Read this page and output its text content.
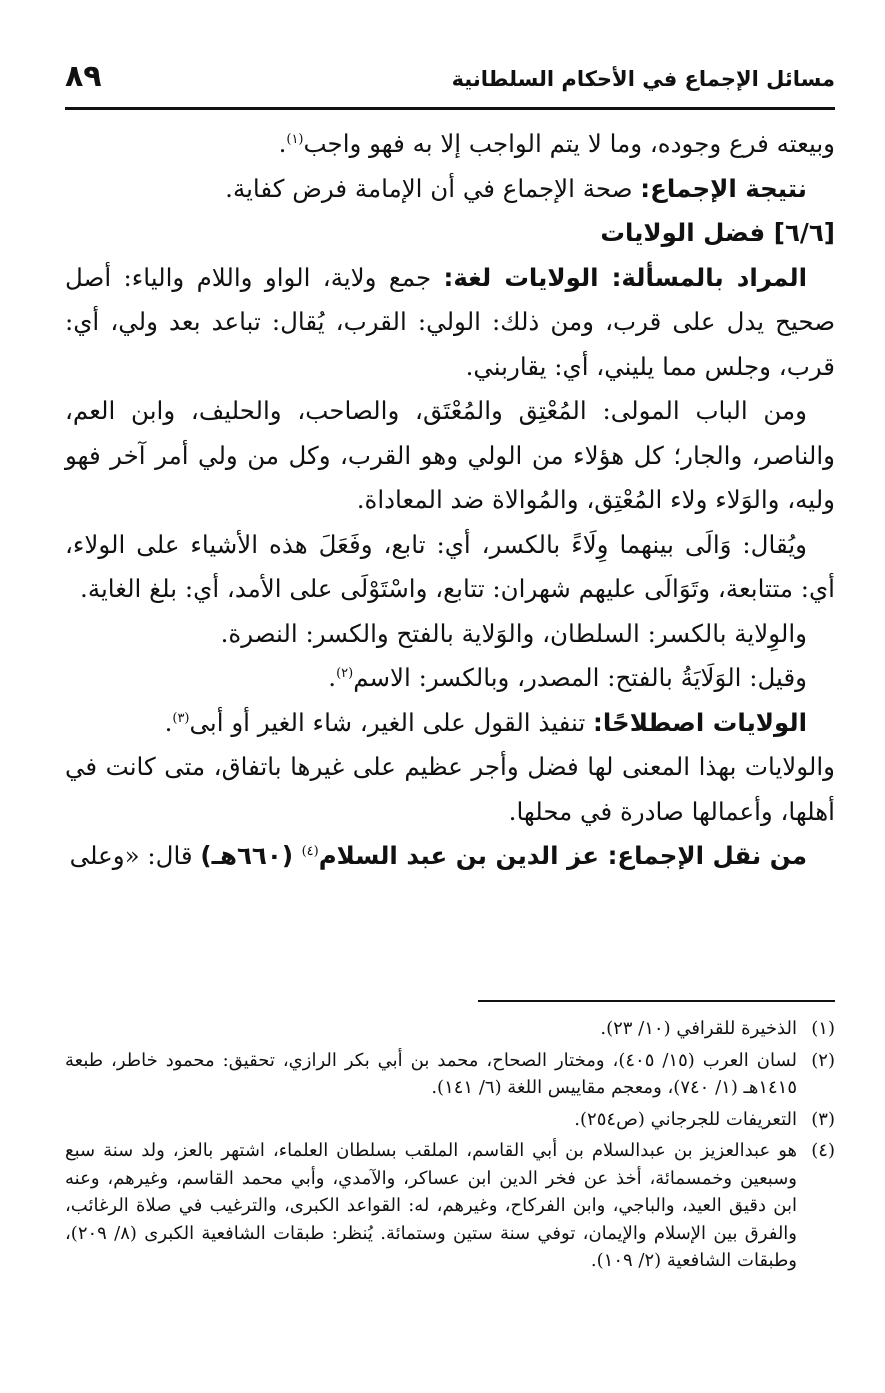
٨٩	مسائل الإجماع في الأحكام السلطانية

وبيعته فرع وجوده، وما لا يتم الواجب إلا به فهو واجب$^{(١)}$.

نتيجة الإجماع: صحة الإجماع في أن الإمامة فرض كفاية.

[٦/٦] فضل الولايات

المراد بالمسألة: الولايات لغة: جمع ولاية، الواو واللام والياء: أصل صحيح يدل على قرب، ومن ذلك: الولي: القرب، يُقال: تباعد بعد ولي، أي: قرب، وجلس مما يليني، أي: يقاربني.

ومن الباب المولى: المُعْتِق والمُعْتَق، والصاحب، والحليف، وابن العم، والناصر، والجار؛ كل هؤلاء من الولي وهو القرب، وكل من ولي أمر آخر فهو وليه، والوَلاء ولاء المُعْتِق، والمُوالاة ضد المعاداة.

ويُقال: وَالَى بينهما وِلَاءً بالكسر، أي: تابع، وفَعَلَ هذه الأشياء على الولاء، أي: متتابعة، وتَوَالَى عليهم شهران: تتابع، واسْتَوْلَى على الأمد، أي: بلغ الغاية.

والوِلاية بالكسر: السلطان، والوَلاية بالفتح والكسر: النصرة.

وقيل: الوَلَايَةُ بالفتح: المصدر، وبالكسر: الاسم$^{(٢)}$.

الولايات اصطلاحًا: تنفيذ القول على الغير، شاء الغير أو أبى$^{(٣)}$.

والولايات بهذا المعنى لها فضل وأجر عظيم على غيرها باتفاق، متى كانت في أهلها، وأعمالها صادرة في محلها.

من نقل الإجماع: عز الدين بن عبد السلام$^{(٤)}$ (٦٦٠هـ) قال: «وعلى

(١)
الذخيرة للقرافي (١٠/ ٢٣).

(٢)
لسان العرب (١٥/ ٤٠٥)، ومختار الصحاح، محمد بن أبي بكر الرازي، تحقيق: محمود خاطر، طبعة ١٤١٥هـ (١/ ٧٤٠)، ومعجم مقاييس اللغة (٦/ ١٤١).

(٣)
التعريفات للجرجاني (ص٢٥٤).

(٤)
هو عبدالعزيز بن عبدالسلام بن أبي القاسم، الملقب بسلطان العلماء، اشتهر بالعز، ولد سنة سبع وسبعين وخمسمائة، أخذ عن فخر الدين ابن عساكر، والآمدي، وأبي محمد القاسم، وغيرهم، وعنه ابن دقيق العيد، والباجي، وابن الفركاح، وغيرهم، له: القواعد الكبرى، والترغيب في صلاة الرغائب، والفرق بين الإسلام والإيمان، توفي سنة ستين وستمائة. يُنظر: طبقات الشافعية الكبرى (٨/ ٢٠٩)، وطبقات الشافعية (٢/ ١٠٩).
